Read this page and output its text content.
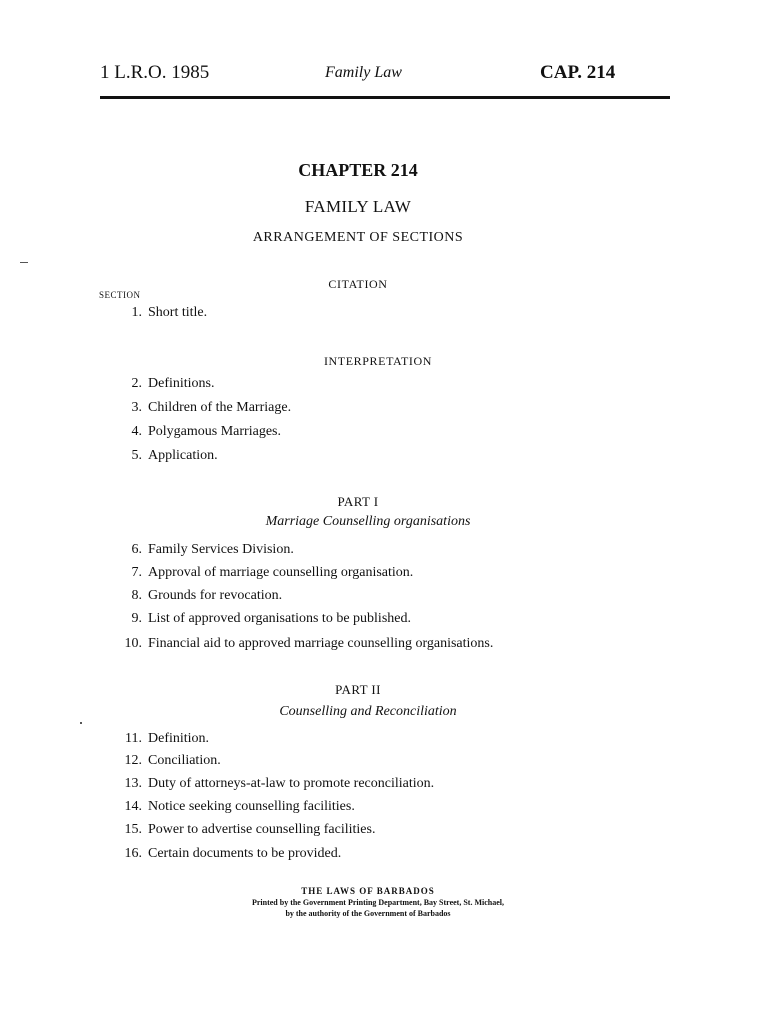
1 L.R.O. 1985	Family Law	CAP. 214
CHAPTER 214
FAMILY LAW
ARRANGEMENT OF SECTIONS
CITATION
SECTION
1. Short title.
INTERPRETATION
2. Definitions.
3. Children of the Marriage.
4. Polygamous Marriages.
5. Application.
PART I
Marriage Counselling organisations
6. Family Services Division.
7. Approval of marriage counselling organisation.
8. Grounds for revocation.
9. List of approved organisations to be published.
10. Financial aid to approved marriage counselling organisations.
PART II
Counselling and Reconciliation
11. Definition.
12. Conciliation.
13. Duty of attorneys-at-law to promote reconciliation.
14. Notice seeking counselling facilities.
15. Power to advertise counselling facilities.
16. Certain documents to be provided.
THE LAWS OF BARBADOS
Printed by the Government Printing Department, Bay Street, St. Michael,
by the authority of the Government of Barbados
